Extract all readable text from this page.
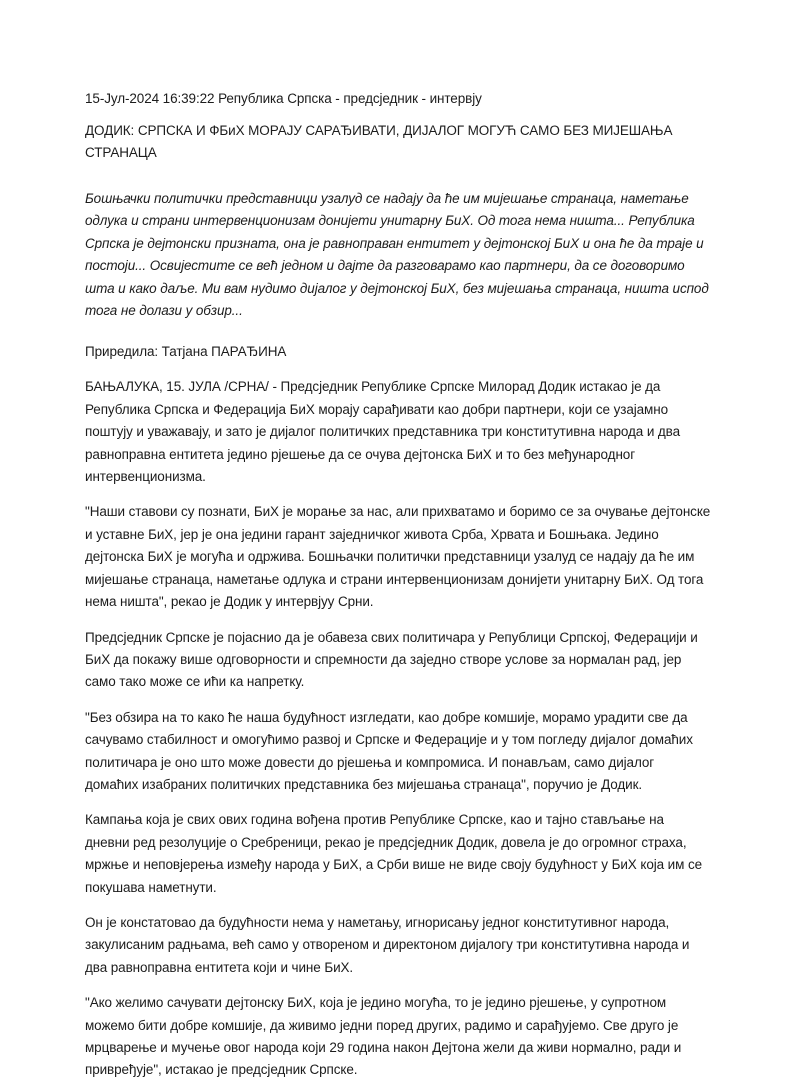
15-Јул-2024 16:39:22 Република Српска - предсједник - интервју
ДОДИК: СРПСКА И ФБиХ МОРАЈУ САРАЂИВАТИ, ДИЈАЛОГ МОГУЋ САМО БЕЗ МИЈЕШАЊА СТРАНАЦА
Бошњачки политички представници узалуд се надају да ће им мијешање странаца, наметање одлука и страни интервенционизам донијети унитарну БиХ. Од тога нема ништа... Република Српска је дејтонски призната, она је равноправан ентитет у дејтонској БиХ и она ће да траје и постоји... Освијестите се већ једном и дајте да разговарамо као партнери, да се договоримо шта и како даље. Ми вам нудимо дијалог у дејтонској БиХ, без мијешања странаца, ништа испод тога не долази у обзир...
Приредила: Татјана ПАРАЂИНА

БАЊАЛУКА, 15. ЈУЛА /СРНА/ - Предсједник Републике Српске Милорад Додик истакао је да Република Српска и Федерација БиХ морају сарађивати као добри партнери, који се узајамно поштују и уважавају, и зато је дијалог политичких представника три конститутивна народа и два равноправна ентитета једино рјешење да се очува дејтонска БиХ и то без међународног интервенционизма.

"Наши ставови су познати, БиХ је морање за нас, али прихватамо и боримо се за очување дејтонске и уставне БиХ, јер је она једини гарант заједничког живота Срба, Хрвата и Бошњака. Једино дејтонска БиХ је могућа и одржива. Бошњачки политички представници узалуд се надају да ће им мијешање странаца, наметање одлука и страни интервенционизам донијети унитарну БиХ. Од тога нема ништа", рекао је Додик у интервјуу Срни.

Предсједник Српске је појаснио да је обавеза свих политичара у Републици Српској, Федерацији и БиХ да покажу више одговорности и спремности да заједно створе услове за нормалан рад, јер само тако може се ићи ка напретку.

"Без обзира на то како ће наша будућност изгледати, као добре комшије, морамо урадити све да сачувамо стабилност и омогућимо развој и Српске и Федерације и у том погледу дијалог домаћих политичара је оно што може довести до рјешења и компромиса. И понављам, само дијалог домаћих изабраних политичких представника без мијешања странаца", поручио је Додик.

Кампања која је свих ових година вођена против Републике Српске, као и тајно стављање на дневни ред резолуције о Сребреници, рекао је предсједник Додик, довела је до огромног страха, мржње и неповјерења између народа у БиХ, а Срби више не виде своју будућност у БиХ која им се покушава наметнути.

Он је констатовао да будућности нема у наметању, игнорисању једног конститутивног народа, закулисаним радњама, већ само у отвореном и директоном дијалогу три конститутивна народа и два равноправна ентитета који и чине БиХ.

"Ако желимо сачувати дејтонску БиХ, која је једино могућа, то је једино рјешење, у супротном можемо бити добре комшије, да живимо једни поред других, радимо и сарађујемо. Све друго је мрцварење и мучење овог народа који 29 година након Дејтона жели да живи нормално, ради и привређује", истакао је предсједник Српске.
